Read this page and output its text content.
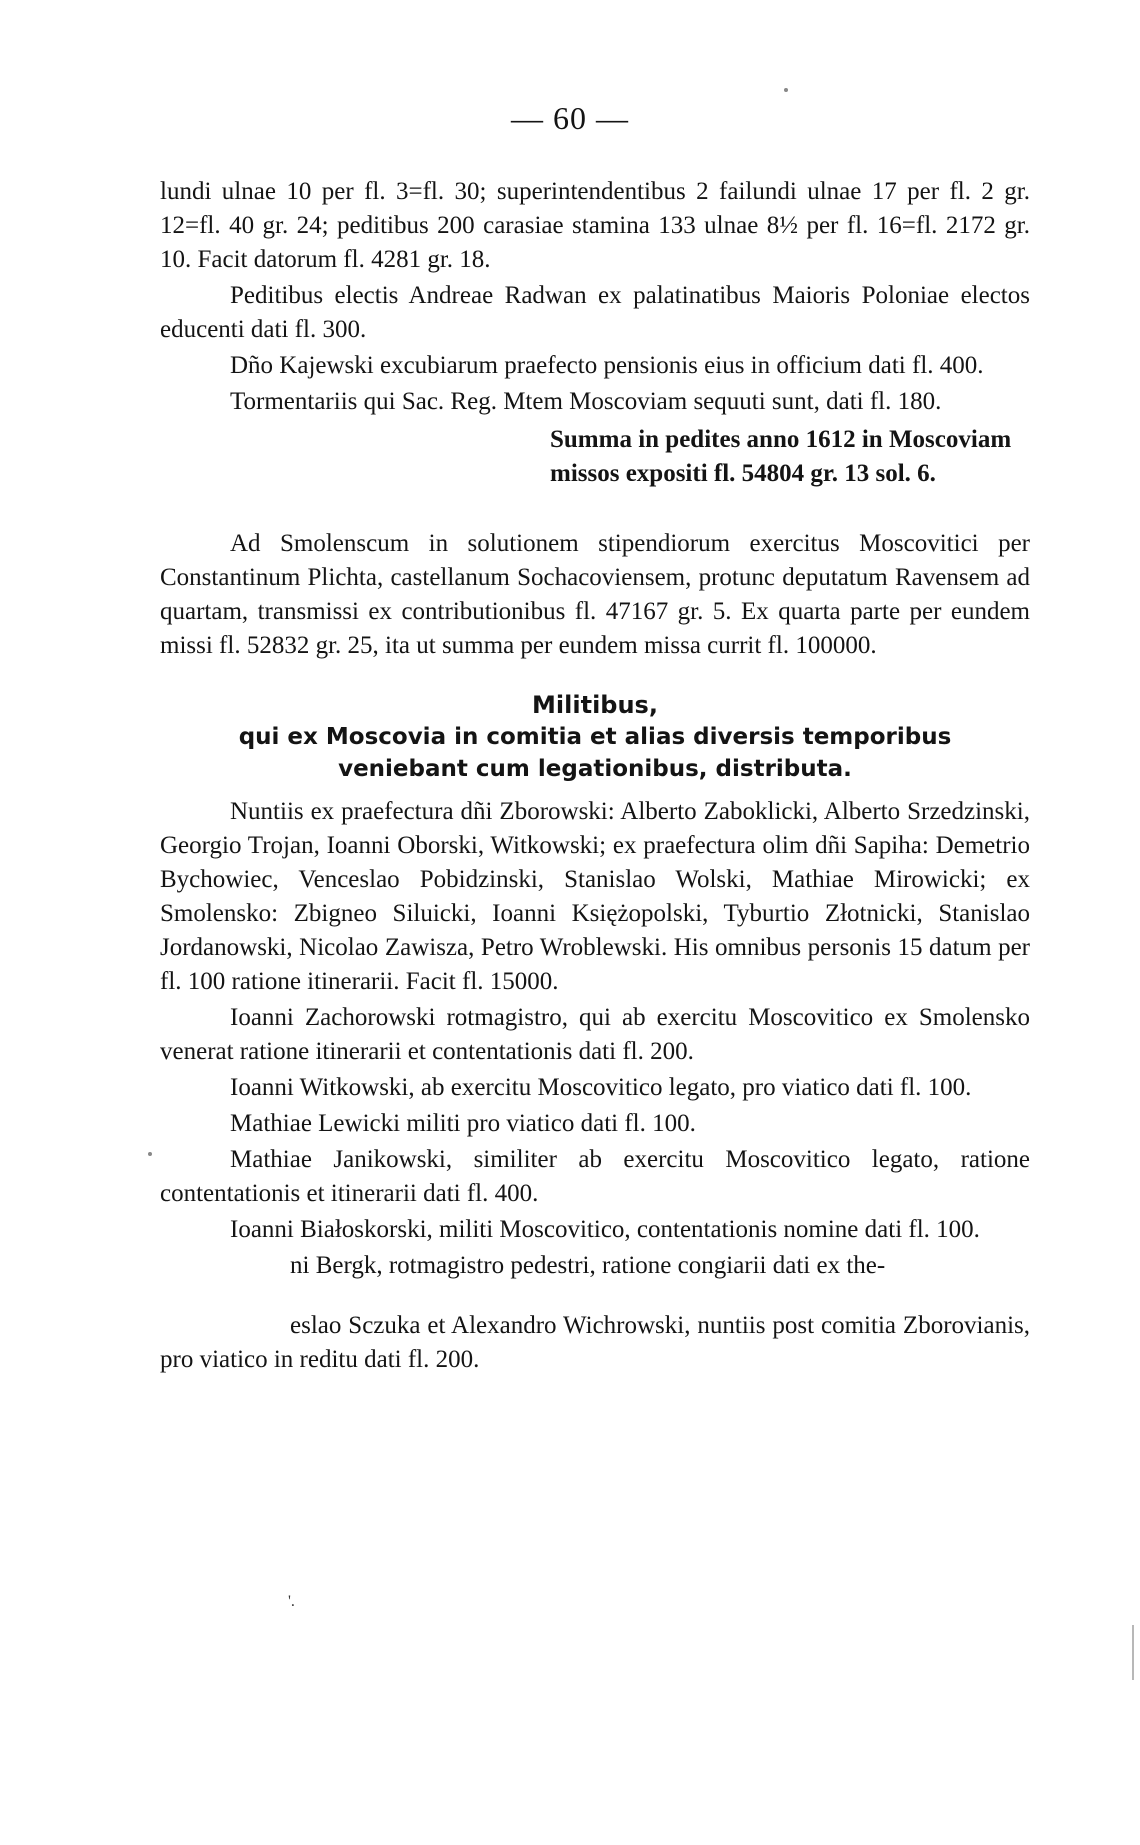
— 60 —

lundi ulnae 10 per fl. 3=fl. 30; superintendentibus 2 failundi ulnae 17 per fl. 2 gr. 12=fl. 40 gr. 24; peditibus 200 carasiae stamina 133 ulnae 8½ per fl. 16=fl. 2172 gr. 10. Facit datorum fl. 4281 gr. 18.

Peditibus electis Andreae Radwan ex palatinatibus Maioris Poloniae electos educenti dati fl. 300.

Dño Kajewski excubiarum praefecto pensionis eius in officium dati fl. 400.

Tormentariis qui Sac. Reg. Mtem Moscoviam sequuti sunt, dati fl. 180.

Summa in pedites anno 1612 in Moscoviam missos expositi fl. 54804 gr. 13 sol. 6.

Ad Smolenscum in solutionem stipendiorum exercitus Moscovitici per Constantinum Plichta, castellanum Sochacoviensem, protunc deputatum Ravensem ad quartam, transmissi ex contributionibus fl. 47167 gr. 5. Ex quarta parte per eundem missi fl. 52832 gr. 25, ita ut summa per eundem missa currit fl. 100000.

Militibus,
qui ex Moscovia in comitia et alias diversis temporibus
veniebant cum legationibus, distributa.

Nuntiis ex praefectura dñi Zborowski: Alberto Zaboklicki, Alberto Srzedzinski, Georgio Trojan, Ioanni Oborski, Witkowski; ex praefectura olim dñi Sapiha: Demetrio Bychowiec, Venceslao Pobidzinski, Stanislao Wolski, Mathiae Mirowicki; ex Smolensko: Zbigneo Siluicki, Ioanni Księżopolski, Tyburtio Złotnicki, Stanislao Jordanowski, Nicolao Zawisza, Petro Wroblewski. His omnibus personis 15 datum per fl. 100 ratione itinerarii. Facit fl. 15000.

Ioanni Zachorowski rotmagistro, qui ab exercitu Moscovitico ex Smolensko venerat ratione itinerarii et contentationis dati fl. 200.

Ioanni Witkowski, ab exercitu Moscovitico legato, pro viatico dati fl. 100.

Mathiae Lewicki militi pro viatico dati fl. 100.

Mathiae Janikowski, similiter ab exercitu Moscovitico legato, ratione contentationis et itinerarii dati fl. 400.

Ioanni Białoskorski, militi Moscovitico, contentationis nomine dati fl. 100.

ni Bergk, rotmagistro pedestri, ratione congiarii dati ex the-

eslao Sczuka et Alexandro Wichrowski, nuntiis post comitia Zborovianis, pro viatico in reditu dati fl. 200.

'.
